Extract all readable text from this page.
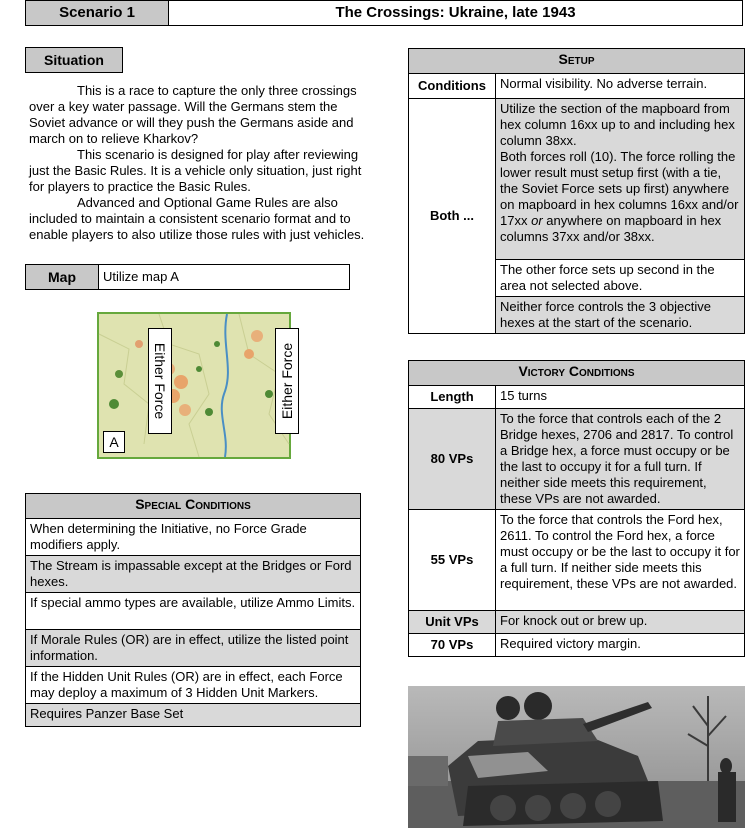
Scenario 1	The Crossings: Ukraine, late 1943
Situation

This is a race to capture the only three crossings over a key water passage. Will the Germans stem the Soviet advance or will they push the Germans aside and march on to relieve Kharkov?

This scenario is designed for play after reviewing just the Basic Rules. It is a vehicle only situation, just right for players to practice the Basic Rules.

Advanced and Optional Game Rules are also included to maintain a consistent scenario format and to enable players to also utilize those rules with just vehicles.

Map	Utilize map A
A
Either Force	Either Force
Special Conditions
When determining the Initiative, no Force Grade modifiers apply.
The Stream is impassable except at the Bridges or Ford hexes.
If special ammo types are available, utilize Ammo Limits.
If Morale Rules (OR) are in effect, utilize the listed point information.
If the Hidden Unit Rules (OR) are in effect, each Force may deploy a maximum of 3 Hidden Unit Markers.
Requires Panzer Base Set
Setup	
Conditions	Normal visibility. No adverse terrain.
Both ...	Utilize the section of the mapboard from hex column 16xx up to and including hex column 38xx.
Both forces roll (10). The force rolling the lower result must setup first (with a tie, the Soviet Force sets up first) anywhere on mapboard in hex columns 16xx and/or 17xx or anywhere on mapboard in hex columns 37xx and/or 38xx.
	The other force sets up second in the area not selected above.
	Neither force controls the 3 objective hexes at the start of the scenario.
Victory Conditions	
Length	15 turns
80 VPs	To the force that controls each of the 2 Bridge hexes, 2706 and 2817. To control a Bridge hex, a force must occupy or be the last to occupy it for a full turn. If neither side meets this requirement, these VPs are not awarded.
55 VPs	To the force that controls the Ford hex, 2611. To control the Ford hex, a force must occupy or be the last to occupy it for a full turn. If neither side meets this requirement, these VPs are not awarded.
Unit VPs	For knock out or brew up.
70 VPs	Required victory margin.
